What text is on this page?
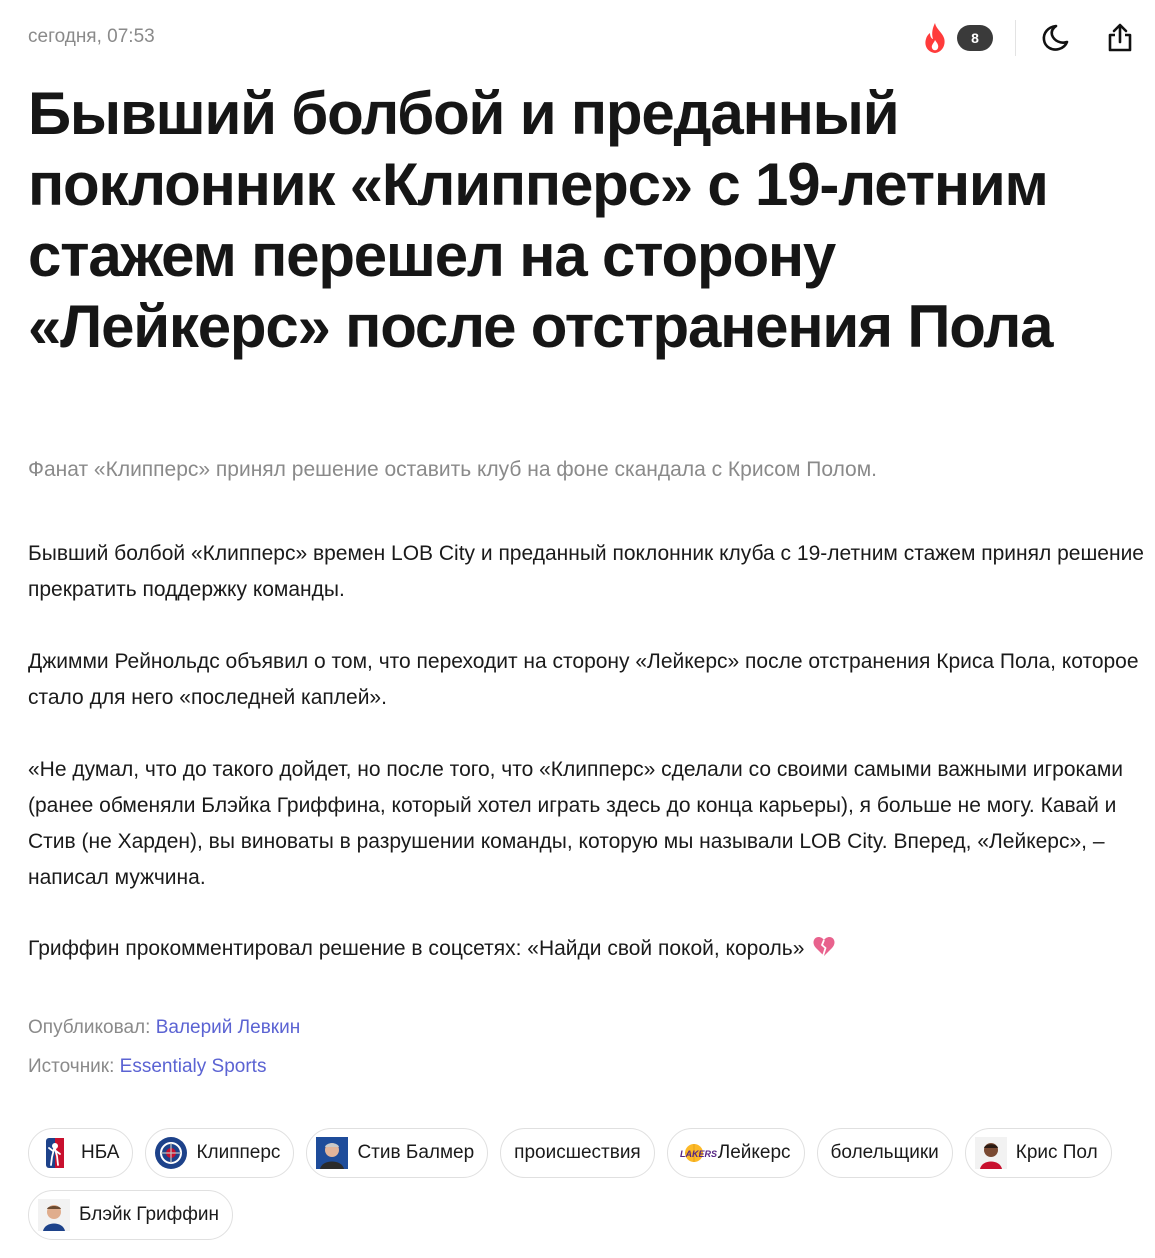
сегодня, 07:53	8
Бывший болбой и преданный поклонник «Клипперс» с 19-летним стажем перешел на сторону «Лейкерс» после отстранения Пола

Фанат «Клипперс» принял решение оставить клуб на фоне скандала с Крисом Полом.

Бывший болбой «Клипперс» времен LOB City и преданный поклонник клуба с 19-летним стажем принял решение прекратить поддержку команды.

Джимми Рейнольдс объявил о том, что переходит на сторону «Лейкерс» после отстранения Криса Пола, которое стало для него «последней каплей».

«Не думал, что до такого дойдет, но после того, что «Клипперс» сделали со своими самыми важными игроками (ранее обменяли Блэйка Гриффина, который хотел играть здесь до конца карьеры), я больше не могу. Кавай и Стив (не Харден), вы виноваты в разрушении команды, которую мы называли LOB City. Вперед, «Лейкерс», – написал мужчина.

Гриффин прокомментировал решение в соцсетях: «Найди свой покой, король»

Опубликовал: Валерий Левкин
Источник: Essentialy Sports
НБА	Клипперс	Стив Балмер происшествия	LAKERS Лейкерс болельщики	Крис Пол
Блэйк Гриффин
